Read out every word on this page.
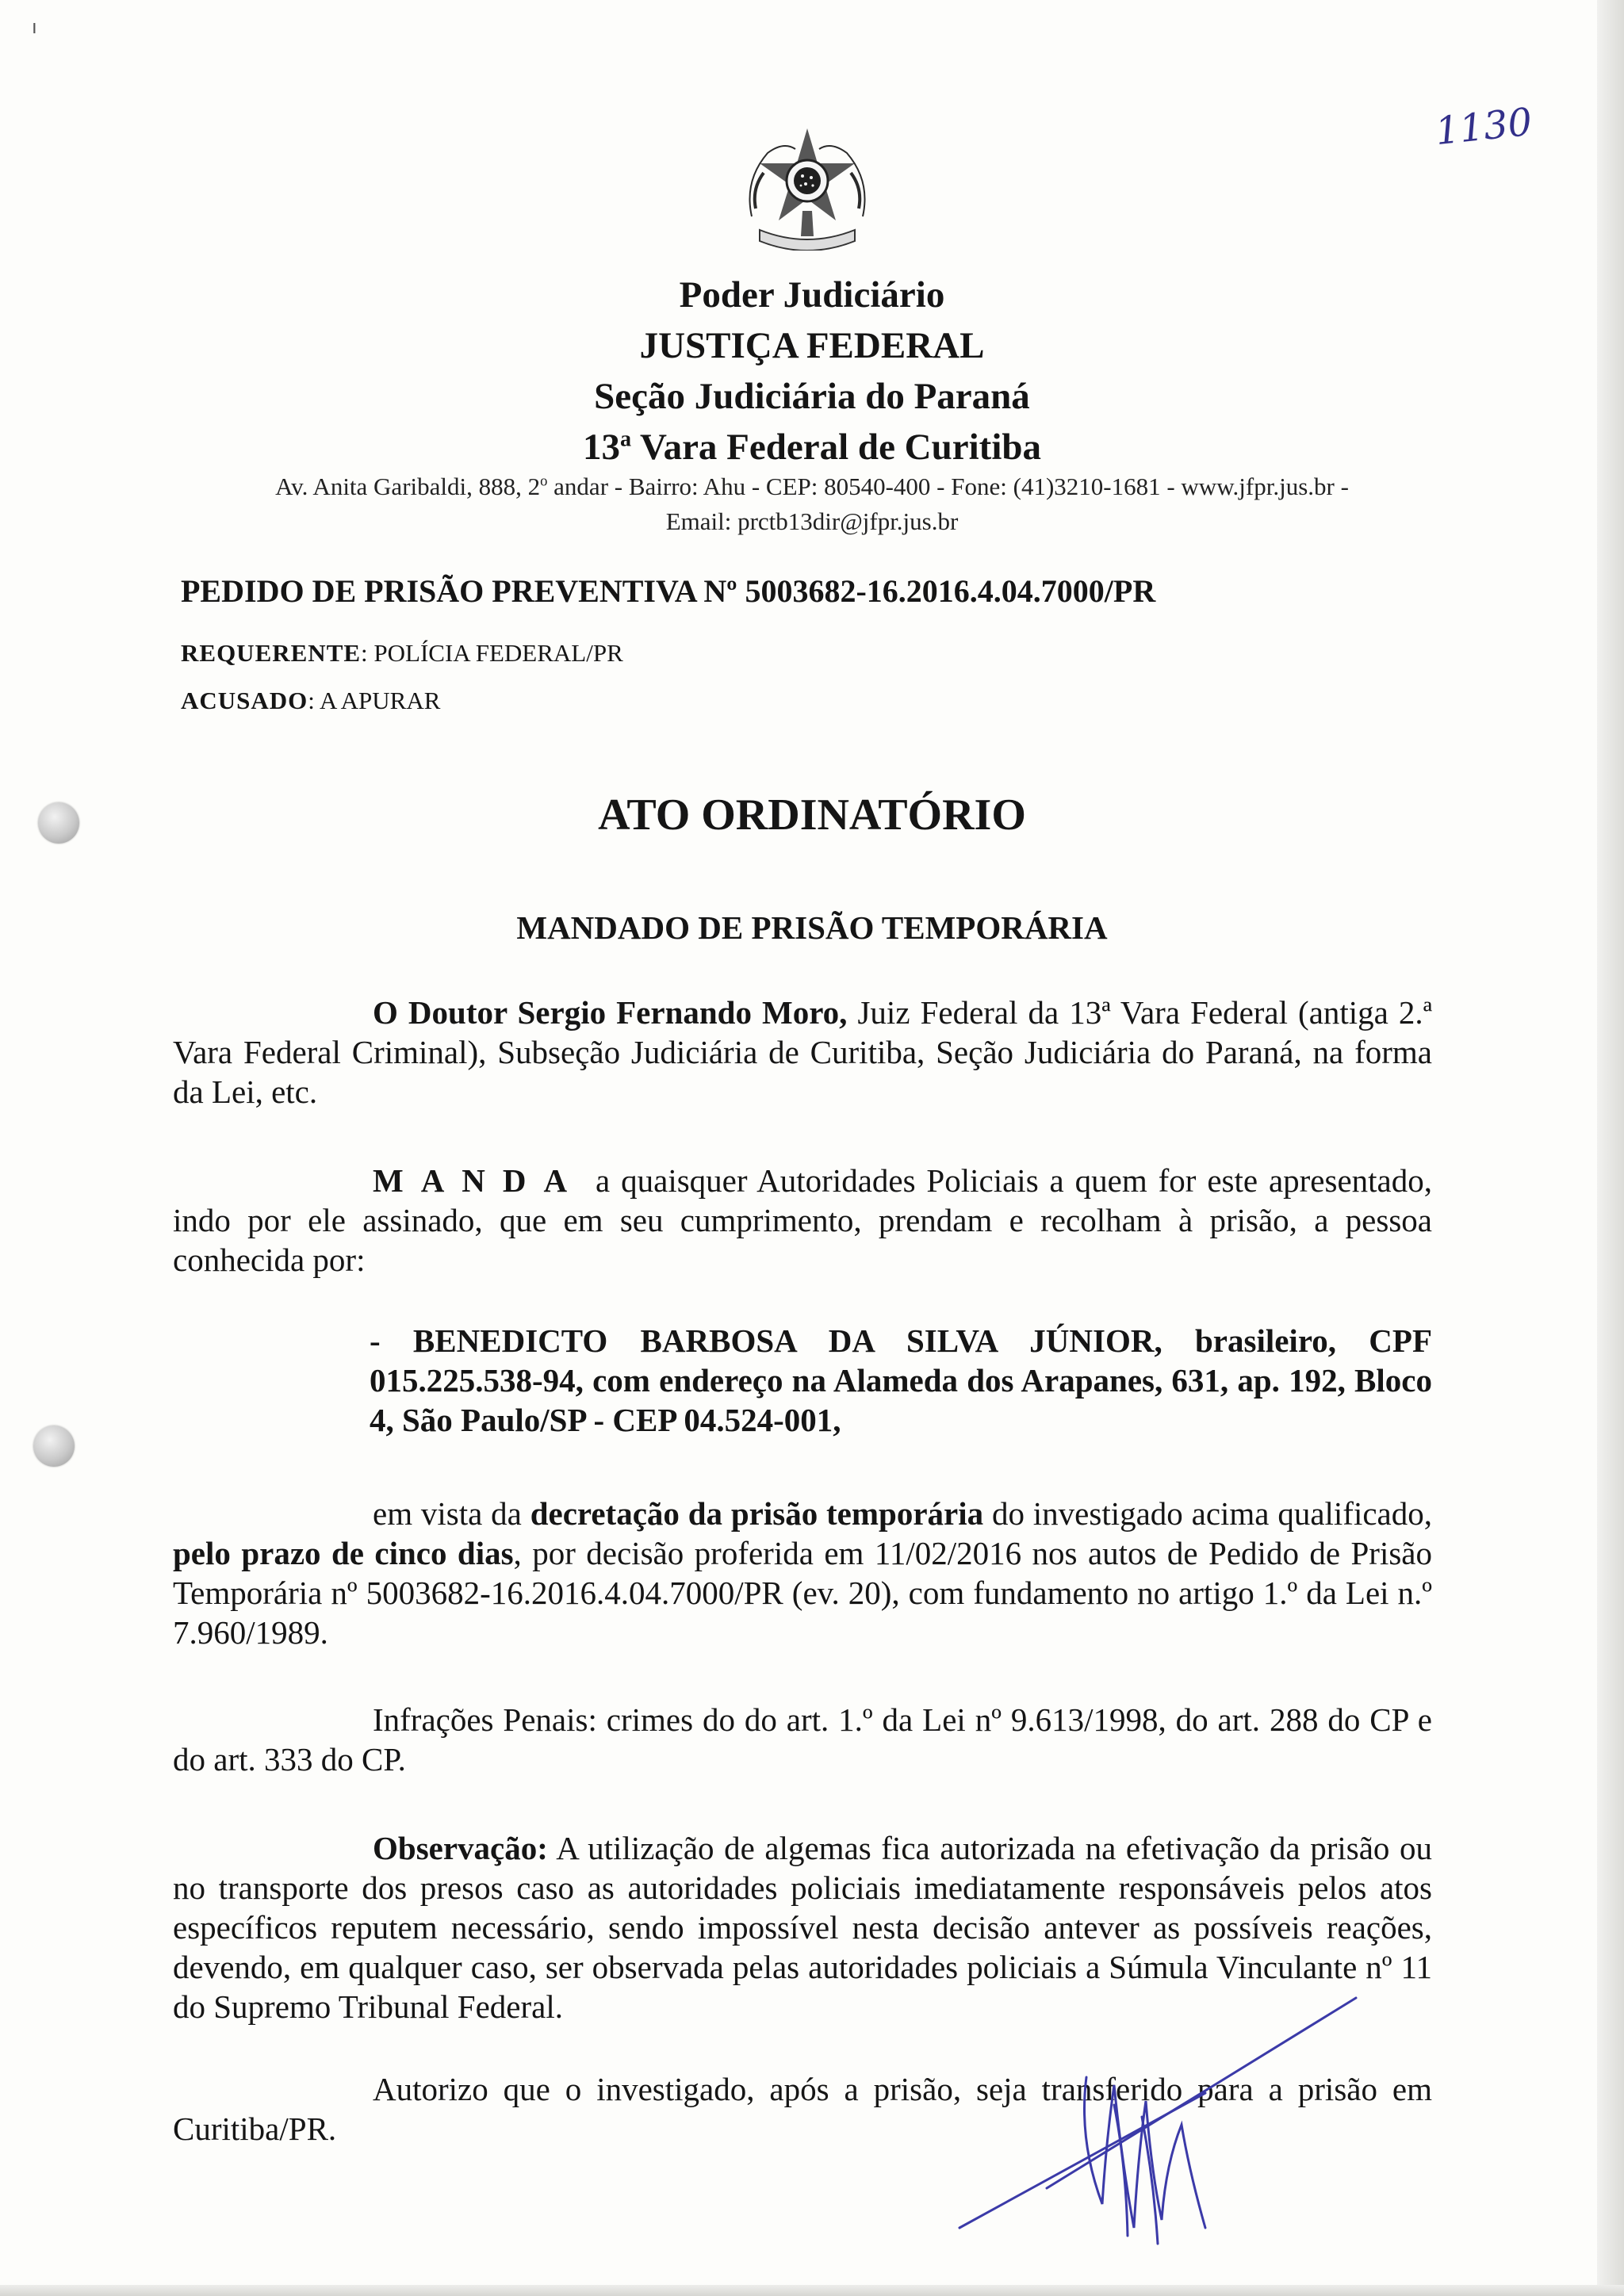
ı
1130
Poder Judiciário
JUSTIÇA FEDERAL
Seção Judiciária do Paraná
13$^a$ Vara Federal de Curitiba
Av. Anita Garibaldi, 888, 2$^o$ andar - Bairro: Ahu - CEP: 80540-400 - Fone: (41)3210-1681 - www.jfpr.jus.br -
Email: prctb13dir@jfpr.jus.br
PEDIDO DE PRISÃO PREVENTIVA Nº 5003682-16.2016.4.04.7000/PR
REQUERENTE: POLÍCIA FEDERAL/PR
ACUSADO: A APURAR
ATO ORDINATÓRIO
MANDADO DE PRISÃO TEMPORÁRIA
O Doutor Sergio Fernando Moro, Juiz Federal da 13ª Vara Federal (antiga 2.ª Vara Federal Criminal), Subseção Judiciária de Curitiba, Seção Judiciária do Paraná, na forma da Lei, etc.
MANDA a quaisquer Autoridades Policiais a quem for este apresentado, indo por ele assinado, que em seu cumprimento, prendam e recolham à prisão, a pessoa conhecida por:
- BENEDICTO BARBOSA DA SILVA JÚNIOR, brasileiro, CPF 015.225.538-94, com endereço na Alameda dos Arapanes, 631, ap. 192, Bloco 4, São Paulo/SP - CEP 04.524-001,
em vista da decretação da prisão temporária do investigado acima qualificado, pelo prazo de cinco dias, por decisão proferida em 11/02/2016 nos autos de Pedido de Prisão Temporária nº 5003682-16.2016.4.04.7000/PR (ev. 20), com fundamento no artigo 1.º da Lei n.º 7.960/1989.
Infrações Penais: crimes do do art. 1.º da Lei nº 9.613/1998, do art. 288 do CP e do art. 333 do CP.
Observação: A utilização de algemas fica autorizada na efetivação da prisão ou no transporte dos presos caso as autoridades policiais imediatamente responsáveis pelos atos específicos reputem necessário, sendo impossível nesta decisão antever as possíveis reações, devendo, em qualquer caso, ser observada pelas autoridades policiais a Súmula Vinculante nº 11 do Supremo Tribunal Federal.
Autorizo que o investigado, após a prisão, seja transferido para a prisão em Curitiba/PR.
